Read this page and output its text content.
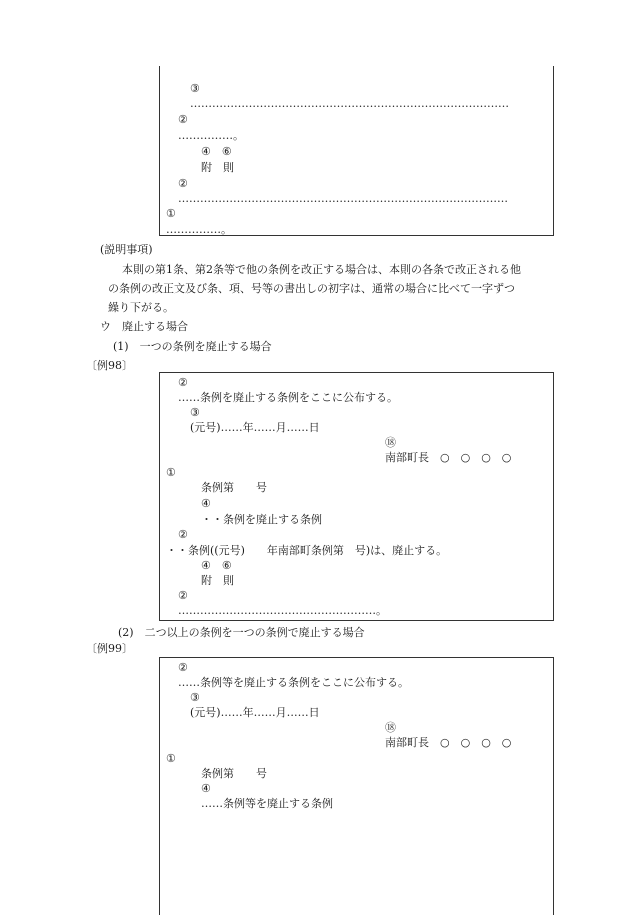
③
……………………………………………………………………………
②
……………。
④　⑥
附　則
②
………………………………………………………………………………
①
……………。
(説明事項)
本則の第1条、第2条等で他の条例を改正する場合は、本則の各条で改正される他
の条例の改正文及び条、項、号等の書出しの初字は、通常の場合に比べて一字ずつ
繰り下がる。
ウ　廃止する場合
(1)　一つの条例を廃止する場合
〔例98〕
②
……条例を廃止する条例をここに公布する。
③
(元号)……年……月……日
⑱
南部町長　○　○　○　○
①
条例第　　号
④
・・条例を廃止する条例
②
・・条例((元号)　　年南部町条例第　号)は、廃止する。
④　⑥
附　則
②
………………………………………………。
(2)　二つ以上の条例を一つの条例で廃止する場合
〔例99〕
②
……条例等を廃止する条例をここに公布する。
③
(元号)……年……月……日
⑱
南部町長　○　○　○　○
①
条例第　　号
④
……条例等を廃止する条例
